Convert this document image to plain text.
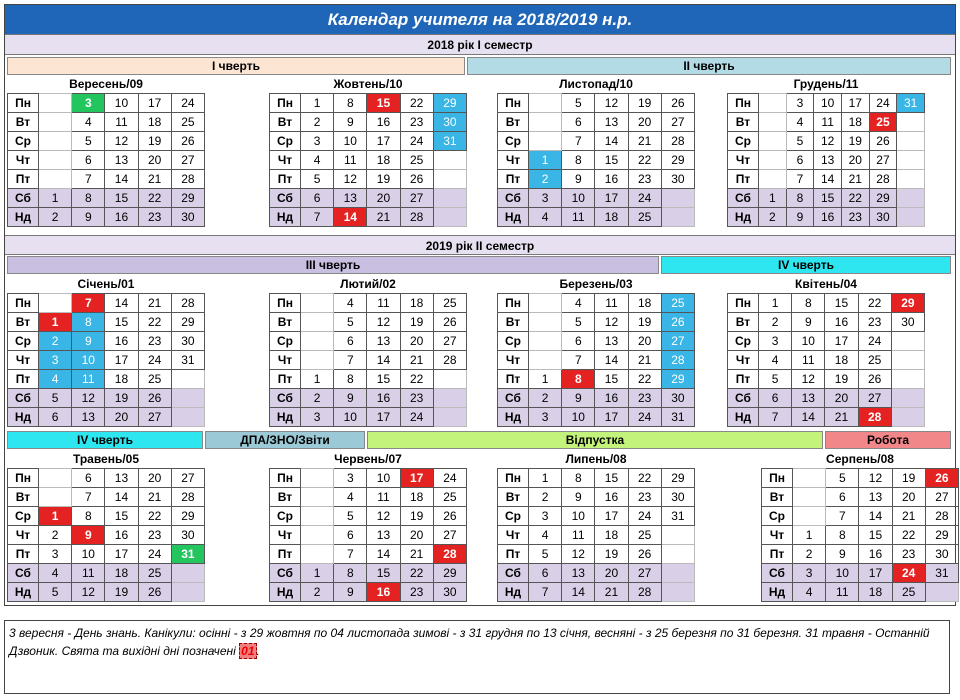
Календар учителя на 2018/2019 н.р.
2018 рік І семестр
І чверть	ІІ чверть
2019 рік ІІ семестр
ІІІ чверть	ІV чверть
ІV чверть	ДПА/ЗНО/Звіти	Відпустка	Робота
Вересень/09
Пн		3	10	17	24
Вт		4	11	18	25
Ср		5	12	19	26
Чт		6	13	20	27
Пт		7	14	21	28
Сб	1	8	15	22	29
Нд	2	9	16	23	30
Жовтень/10
Пн	1	8	15	22	29
Вт	2	9	16	23	30
Ср	3	10	17	24	31
Чт	4	11	18	25	
Пт	5	12	19	26	
Сб	6	13	20	27	
Нд	7	14	21	28	
Листопад/10
Пн		5	12	19	26
Вт		6	13	20	27
Ср		7	14	21	28
Чт	1	8	15	22	29
Пт	2	9	16	23	30
Сб	3	10	17	24	
Нд	4	11	18	25	
Грудень/11
Пн		3	10	17	24	31
Вт		4	11	18	25	
Ср		5	12	19	26	
Чт		6	13	20	27	
Пт		7	14	21	28	
Сб	1	8	15	22	29	
Нд	2	9	16	23	30	
Січень/01
Пн		7	14	21	28
Вт	1	8	15	22	29
Ср	2	9	16	23	30
Чт	3	10	17	24	31
Пт	4	11	18	25	
Сб	5	12	19	26	
Нд	6	13	20	27	
Лютий/02
Пн		4	11	18	25
Вт		5	12	19	26
Ср		6	13	20	27
Чт		7	14	21	28
Пт	1	8	15	22	
Сб	2	9	16	23	
Нд	3	10	17	24	
Березень/03
Пн		4	11	18	25
Вт		5	12	19	26
Ср		6	13	20	27
Чт		7	14	21	28
Пт	1	8	15	22	29
Сб	2	9	16	23	30
Нд	3	10	17	24	31
Квітень/04
Пн	1	8	15	22	29
Вт	2	9	16	23	30
Ср	3	10	17	24	
Чт	4	11	18	25	
Пт	5	12	19	26	
Сб	6	13	20	27	
Нд	7	14	21	28	
Травень/05
Пн		6	13	20	27
Вт		7	14	21	28
Ср	1	8	15	22	29
Чт	2	9	16	23	30
Пт	3	10	17	24	31
Сб	4	11	18	25	
Нд	5	12	19	26	
Червень/07
Пн		3	10	17	24
Вт		4	11	18	25
Ср		5	12	19	26
Чт		6	13	20	27
Пт		7	14	21	28
Сб	1	8	15	22	29
Нд	2	9	16	23	30
Липень/08
Пн	1	8	15	22	29
Вт	2	9	16	23	30
Ср	3	10	17	24	31
Чт	4	11	18	25	
Пт	5	12	19	26	
Сб	6	13	20	27	
Нд	7	14	21	28	
Серпень/08
Пн		5	12	19	26
Вт		6	13	20	27
Ср		7	14	21	28
Чт	1	8	15	22	29
Пт	2	9	16	23	30
Сб	3	10	17	24	31
Нд	4	11	18	25	
3 вересня - День знань. Канікули: осінні - з 29 жовтня по 04 листопада зимові - з 31 грудня по 13 січня, весняні - з 25 березня по 31 березня. 31 травня - Останній Дзвоник. Свята та вихідні дні позначені 01 .
